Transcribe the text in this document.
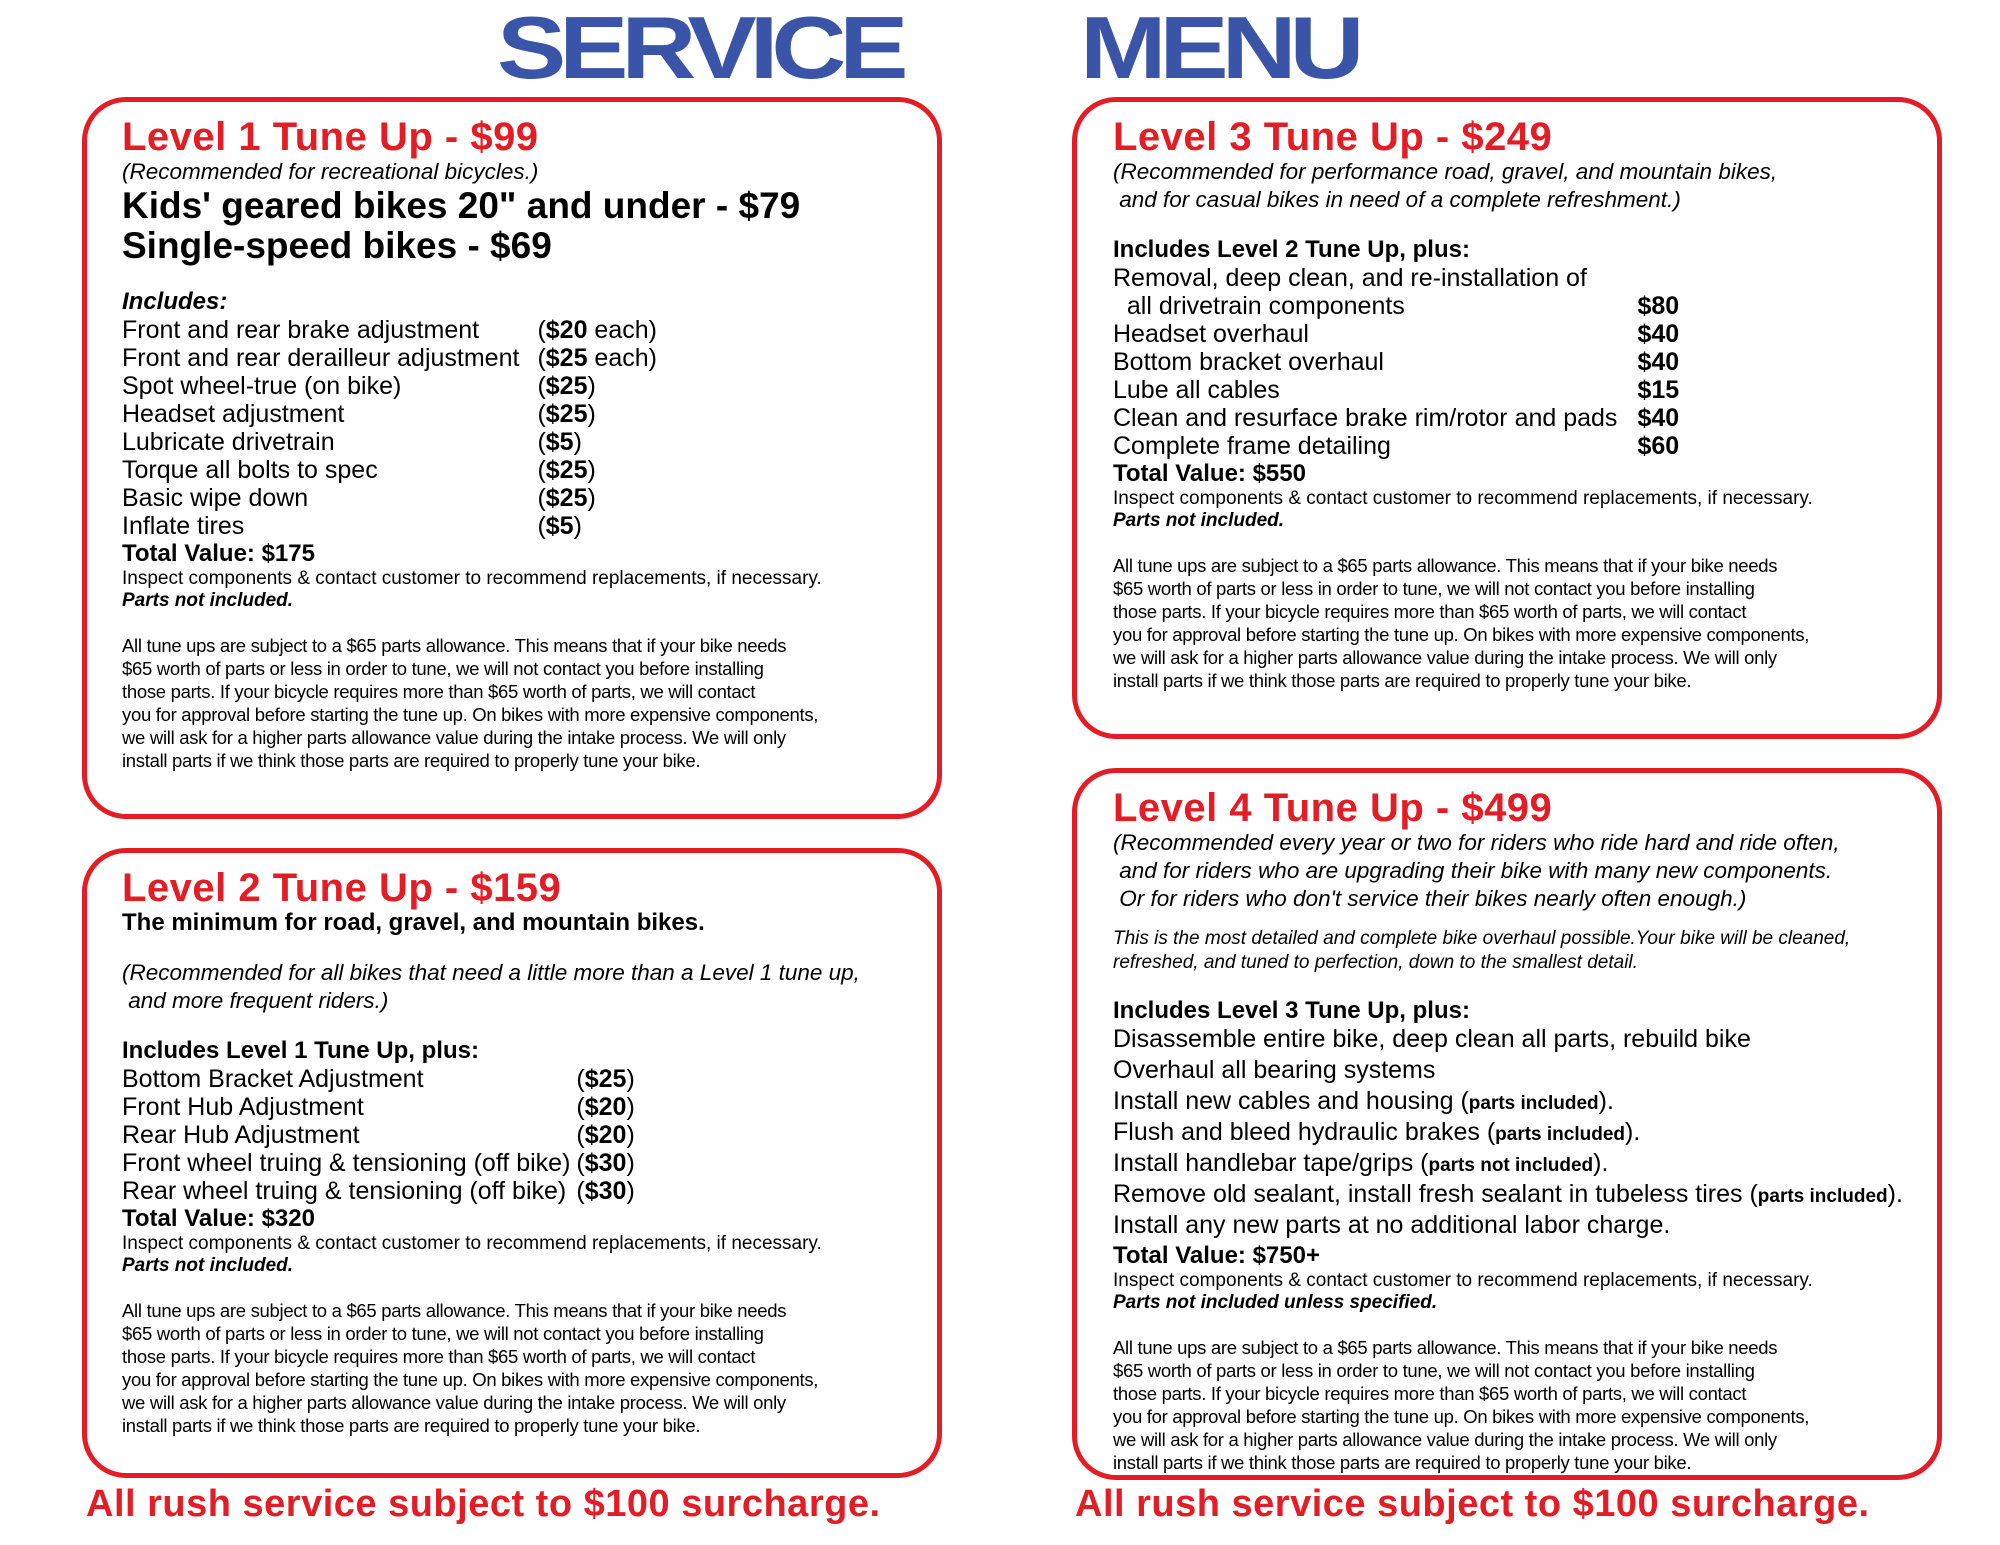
SERVICE MENU
Level 1 Tune Up - $99
(Recommended for recreational bicycles.)
Kids' geared bikes 20" and under - $79
Single-speed bikes - $69
Includes:
Front and rear brake adjustment	($20 each)
Front and rear derailleur adjustment	($25 each)
Spot wheel-true (on bike)	($25)
Headset adjustment	($25)
Lubricate drivetrain	($5)
Torque all bolts to spec	($25)
Basic wipe down	($25)
Inflate tires	($5)
Total Value: $175
Inspect components & contact customer to recommend replacements, if necessary.
Parts not included.
All tune ups are subject to a $65 parts allowance. This means that if your bike needs
$65 worth of parts or less in order to tune, we will not contact you before installing
those parts. If your bicycle requires more than $65 worth of parts, we will contact
you for approval before starting the tune up. On bikes with more expensive components,
we will ask for a higher parts allowance value during the intake process. We will only
install parts if we think those parts are required to properly tune your bike.
Level 2 Tune Up - $159
The minimum for road, gravel, and mountain bikes.
(Recommended for all bikes that need a little more than a Level 1 tune up,
and more frequent riders.)
Includes Level 1 Tune Up, plus:
Bottom Bracket Adjustment	($25)
Front Hub Adjustment	($20)
Rear Hub Adjustment	($20)
Front wheel truing & tensioning (off bike)	($30)
Rear wheel truing & tensioning (off bike)	($30)
Total Value: $320
Inspect components & contact customer to recommend replacements, if necessary.
Parts not included.
All tune ups are subject to a $65 parts allowance. This means that if your bike needs
$65 worth of parts or less in order to tune, we will not contact you before installing
those parts. If your bicycle requires more than $65 worth of parts, we will contact
you for approval before starting the tune up. On bikes with more expensive components,
we will ask for a higher parts allowance value during the intake process. We will only
install parts if we think those parts are required to properly tune your bike.
Level 3 Tune Up - $249
(Recommended for performance road, gravel, and mountain bikes,
and for casual bikes in need of a complete refreshment.)
Includes Level 2 Tune Up, plus:
Removal, deep clean, and re-installation of	
all drivetrain components	$80
Headset overhaul	$40
Bottom bracket overhaul	$40
Lube all cables	$15
Clean and resurface brake rim/rotor and pads	$40
Complete frame detailing	$60
Total Value: $550
Inspect components & contact customer to recommend replacements, if necessary.
Parts not included.
All tune ups are subject to a $65 parts allowance. This means that if your bike needs
$65 worth of parts or less in order to tune, we will not contact you before installing
those parts. If your bicycle requires more than $65 worth of parts, we will contact
you for approval before starting the tune up. On bikes with more expensive components,
we will ask for a higher parts allowance value during the intake process. We will only
install parts if we think those parts are required to properly tune your bike.
Level 4 Tune Up - $499
(Recommended every year or two for riders who ride hard and ride often,
and for riders who are upgrading their bike with many new components.
Or for riders who don't service their bikes nearly often enough.)
This is the most detailed and complete bike overhaul possible.Your bike will be cleaned, refreshed, and tuned to perfection, down to the smallest detail.
Includes Level 3 Tune Up, plus:
Disassemble entire bike, deep clean all parts, rebuild bike
Overhaul all bearing systems
Install new cables and housing (parts included).
Flush and bleed hydraulic brakes (parts included).
Install handlebar tape/grips (parts not included).
Remove old sealant, install fresh sealant in tubeless tires (parts included).
Install any new parts at no additional labor charge.
Total Value: $750+
Inspect components & contact customer to recommend replacements, if necessary.
Parts not included unless specified.
All tune ups are subject to a $65 parts allowance. This means that if your bike needs
$65 worth of parts or less in order to tune, we will not contact you before installing
those parts. If your bicycle requires more than $65 worth of parts, we will contact
you for approval before starting the tune up. On bikes with more expensive components,
we will ask for a higher parts allowance value during the intake process. We will only
install parts if we think those parts are required to properly tune your bike.
All rush service subject to $100 surcharge.	All rush service subject to $100 surcharge.
